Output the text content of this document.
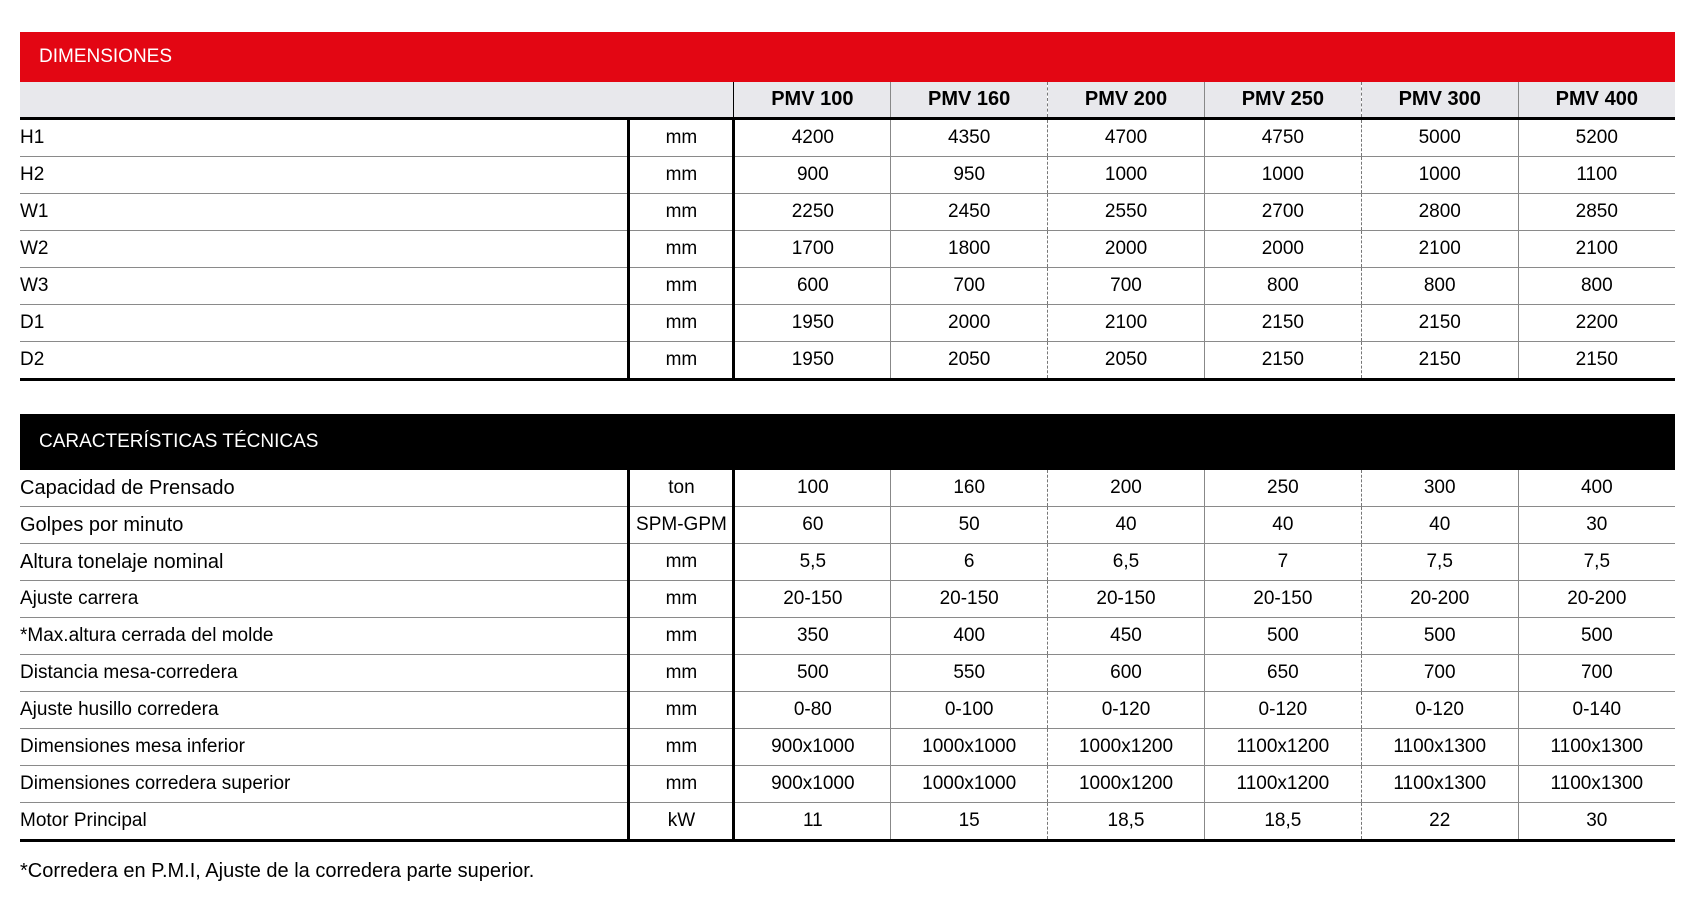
DIMENSIONES
		PMV 100	PMV 160	PMV 200	PMV 250	PMV 300	PMV 400
H1	mm	4200	4350	4700	4750	5000	5200
H2	mm	900	950	1000	1000	1000	1100
W1	mm	2250	2450	2550	2700	2800	2850
W2	mm	1700	1800	2000	2000	2100	2100
W3	mm	600	700	700	800	800	800
D1	mm	1950	2000	2100	2150	2150	2200
D2	mm	1950	2050	2050	2150	2150	2150
CARACTERÍSTICAS TÉCNICAS
Capacidad de Prensado	ton	100	160	200	250	300	400
Golpes por minuto	SPM-GPM	60	50	40	40	40	30
Altura tonelaje nominal	mm	5,5	6	6,5	7	7,5	7,5
Ajuste carrera	mm	20-150	20-150	20-150	20-150	20-200	20-200
*Max.altura cerrada del molde	mm	350	400	450	500	500	500
Distancia mesa-corredera	mm	500	550	600	650	700	700
Ajuste husillo corredera	mm	0-80	0-100	0-120	0-120	0-120	0-140
Dimensiones mesa inferior	mm	900x1000	1000x1000	1000x1200	1100x1200	1100x1300	1100x1300
Dimensiones corredera superior	mm	900x1000	1000x1000	1000x1200	1100x1200	1100x1300	1100x1300
Motor Principal	kW	11	15	18,5	18,5	22	30
*Corredera en P.M.I, Ajuste de la corredera parte superior.
